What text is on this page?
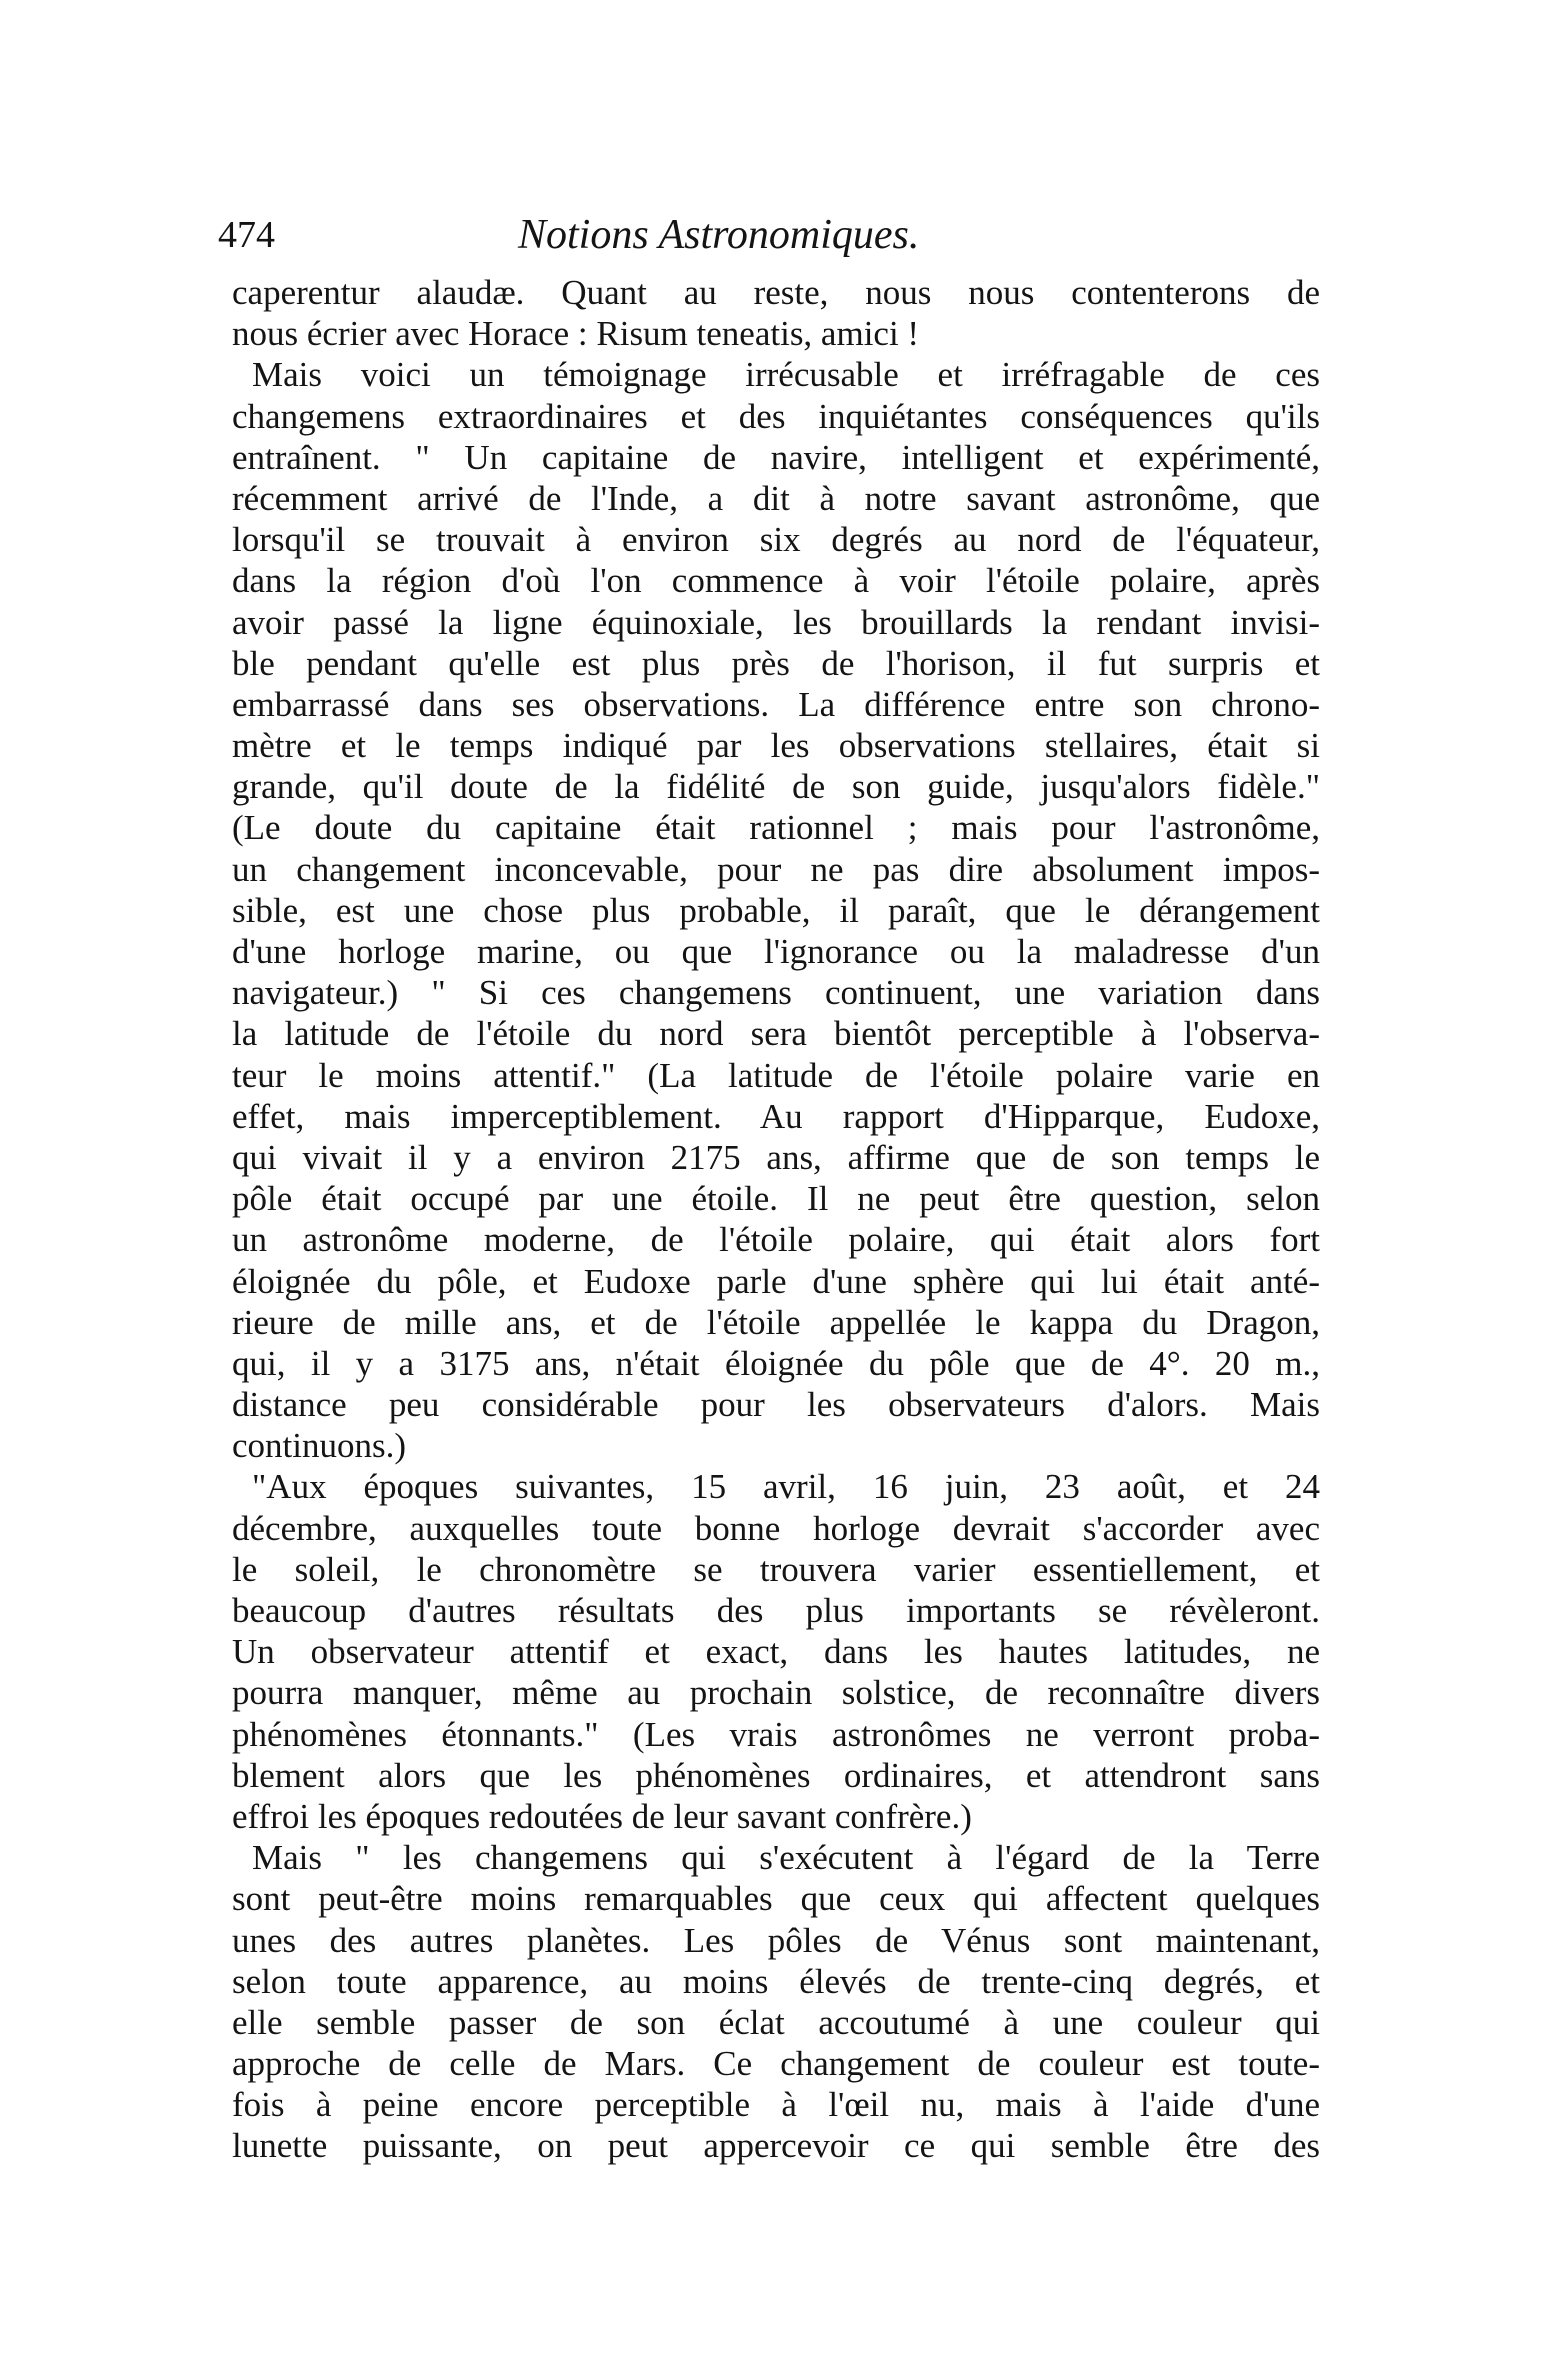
474	Notions Astronomiques.
caperentur alaudæ. Quant au reste, nous nous contenterons de
nous écrier avec Horace : Risum teneatis, amici !
Mais voici un témoignage irrécusable et irréfragable de ces
changemens extraordinaires et des inquiétantes conséquences qu'ils
entraînent. " Un capitaine de navire, intelligent et expérimenté,
récemment arrivé de l'Inde, a dit à notre savant astronôme, que
lorsqu'il se trouvait à environ six degrés au nord de l'équateur,
dans la région d'où l'on commence à voir l'étoile polaire, après
avoir passé la ligne équinoxiale, les brouillards la rendant invisi-
ble pendant qu'elle est plus près de l'horison, il fut surpris et
embarrassé dans ses observations. La différence entre son chrono-
mètre et le temps indiqué par les observations stellaires, était si
grande, qu'il doute de la fidélité de son guide, jusqu'alors fidèle."
(Le doute du capitaine était rationnel ; mais pour l'astronôme,
un changement inconcevable, pour ne pas dire absolument impos-
sible, est une chose plus probable, il paraît, que le dérangement
d'une horloge marine, ou que l'ignorance ou la maladresse d'un
navigateur.) " Si ces changemens continuent, une variation dans
la latitude de l'étoile du nord sera bientôt perceptible à l'observa-
teur le moins attentif." (La latitude de l'étoile polaire varie en
effet, mais imperceptiblement. Au rapport d'Hipparque, Eudoxe,
qui vivait il y a environ 2175 ans, affirme que de son temps le
pôle était occupé par une étoile. Il ne peut être question, selon
un astronôme moderne, de l'étoile polaire, qui était alors fort
éloignée du pôle, et Eudoxe parle d'une sphère qui lui était anté-
rieure de mille ans, et de l'étoile appellée le kappa du Dragon,
qui, il y a 3175 ans, n'était éloignée du pôle que de 4°. 20 m.,
distance peu considérable pour les observateurs d'alors. Mais
continuons.)
"Aux époques suivantes, 15 avril, 16 juin, 23 août, et 24
décembre, auxquelles toute bonne horloge devrait s'accorder avec
le soleil, le chronomètre se trouvera varier essentiellement, et
beaucoup d'autres résultats des plus importants se révèleront.
Un observateur attentif et exact, dans les hautes latitudes, ne
pourra manquer, même au prochain solstice, de reconnaître divers
phénomènes étonnants." (Les vrais astronômes ne verront proba-
blement alors que les phénomènes ordinaires, et attendront sans
effroi les époques redoutées de leur savant confrère.)
Mais " les changemens qui s'exécutent à l'égard de la Terre
sont peut-être moins remarquables que ceux qui affectent quelques
unes des autres planètes. Les pôles de Vénus sont maintenant,
selon toute apparence, au moins élevés de trente-cinq degrés, et
elle semble passer de son éclat accoutumé à une couleur qui
approche de celle de Mars. Ce changement de couleur est toute-
fois à peine encore perceptible à l'œil nu, mais à l'aide d'une
lunette puissante, on peut appercevoir ce qui semble être des
